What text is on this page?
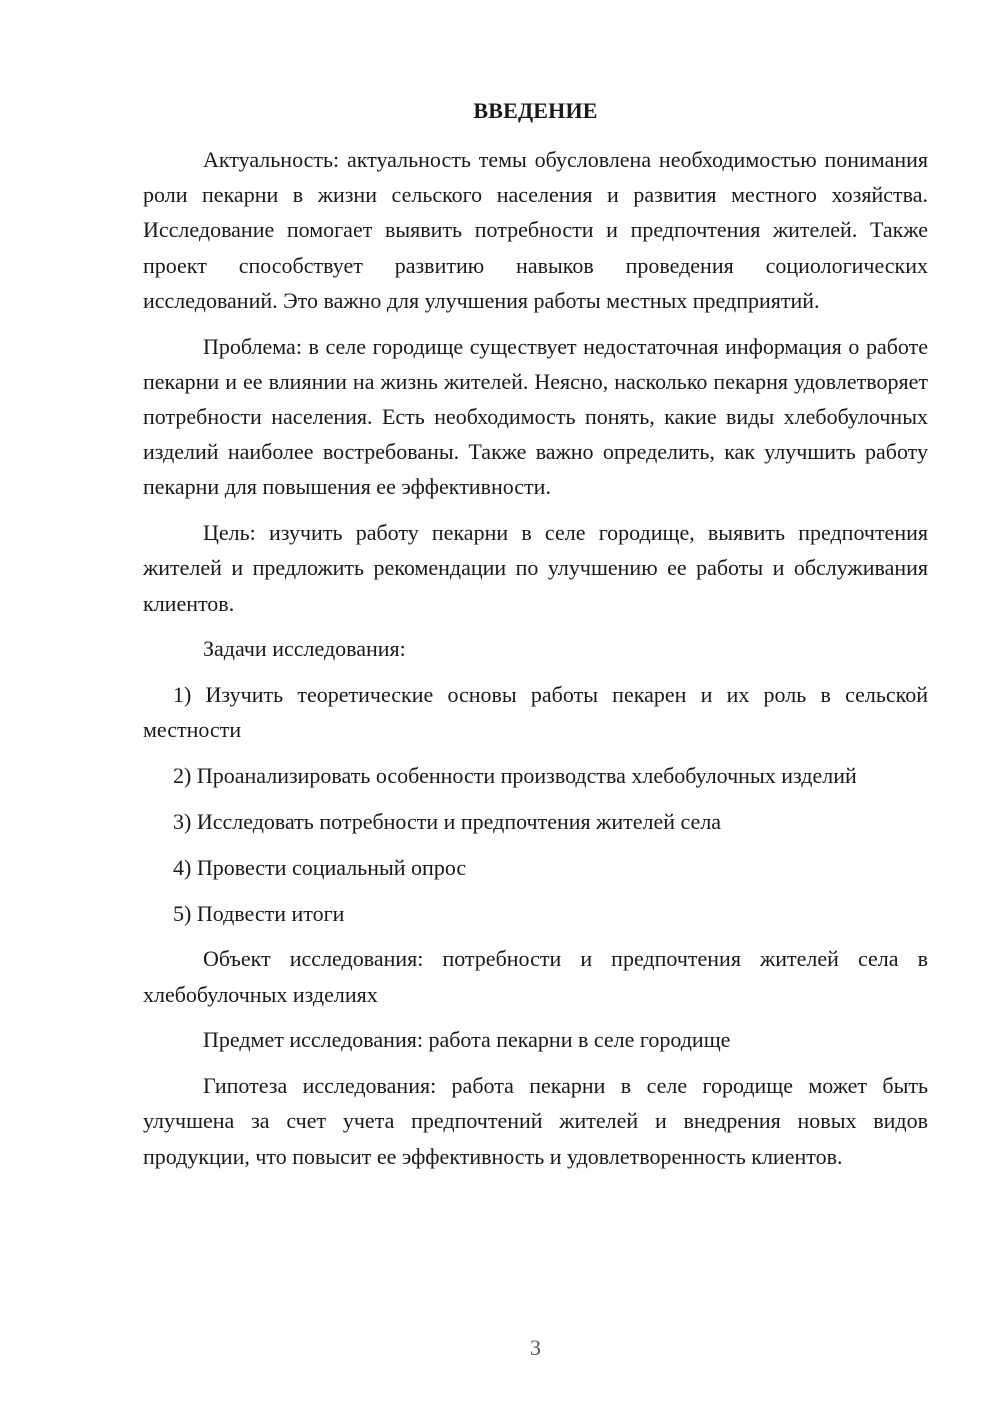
ВВЕДЕНИЕ

Актуальность: актуальность темы обусловлена необходимостью понимания роли пекарни в жизни сельского населения и развития местного хозяйства. Исследование помогает выявить потребности и предпочтения жителей. Также проект способствует развитию навыков проведения социологических исследований. Это важно для улучшения работы местных предприятий.

Проблема: в селе городище существует недостаточная информация о работе пекарни и ее влиянии на жизнь жителей. Неясно, насколько пекарня удовлетворяет потребности населения. Есть необходимость понять, какие виды хлебобулочных изделий наиболее востребованы. Также важно определить, как улучшить работу пекарни для повышения ее эффективности.

Цель: изучить работу пекарни в селе городище, выявить предпочтения жителей и предложить рекомендации по улучшению ее работы и обслуживания клиентов.

Задачи исследования:

1) Изучить теоретические основы работы пекарен и их роль в сельской местности

2) Проанализировать особенности производства хлебобулочных изделий

3) Исследовать потребности и предпочтения жителей села

4) Провести социальный опрос

5) Подвести итоги

Объект исследования: потребности и предпочтения жителей села в хлебобулочных изделиях

Предмет исследования: работа пекарни в селе городище

Гипотеза исследования: работа пекарни в селе городище может быть улучшена за счет учета предпочтений жителей и внедрения новых видов продукции, что повысит ее эффективность и удовлетворенность клиентов.

3
